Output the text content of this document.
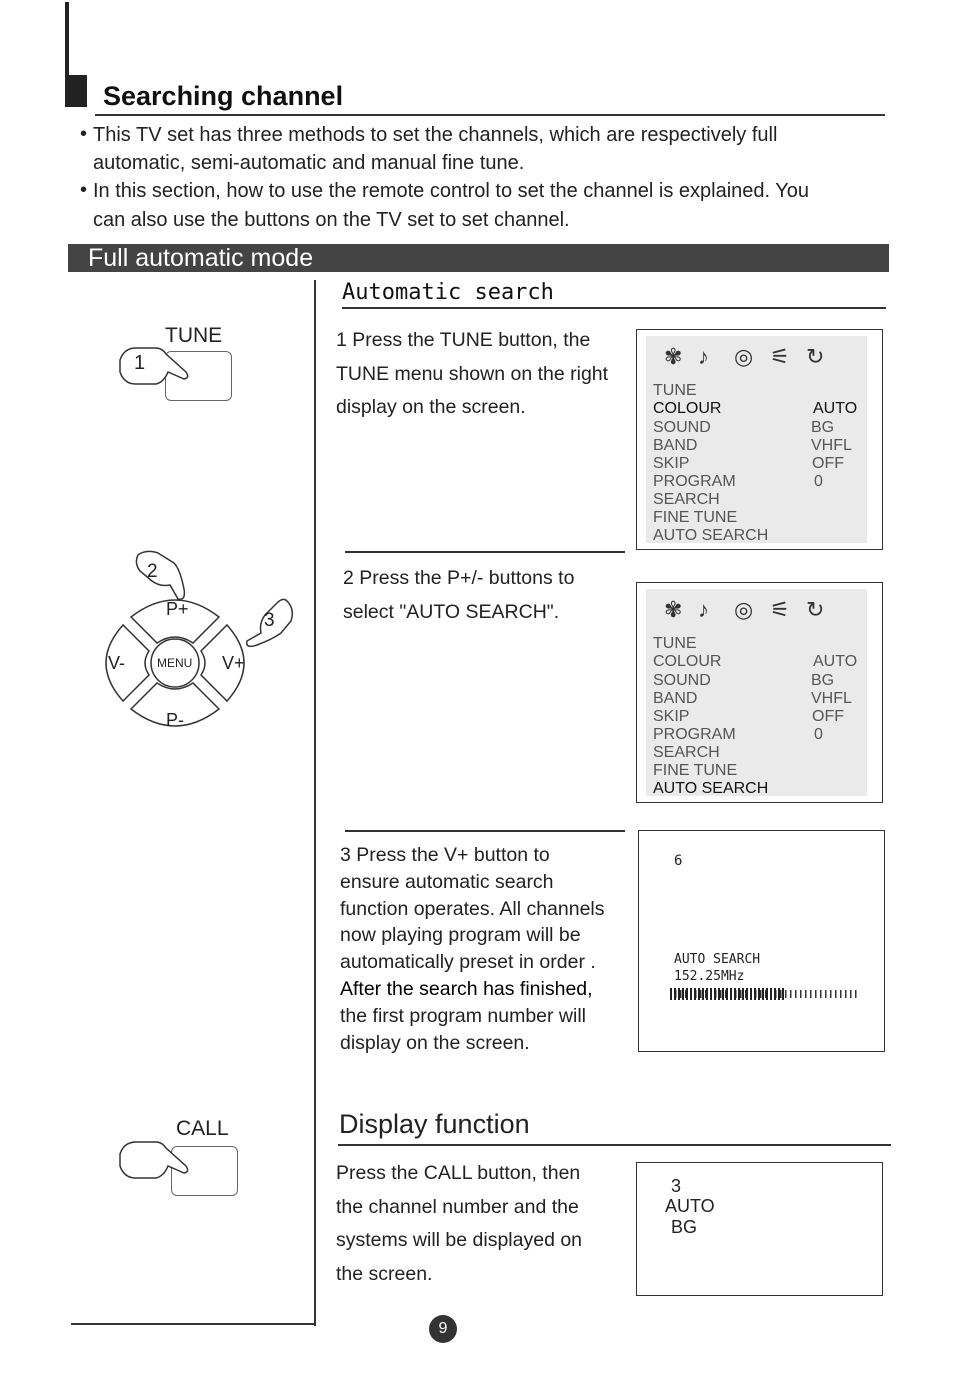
Searching channel
• This TV set has three methods to set the channels, which are respectively full
automatic, semi-automatic and manual fine tune.
• In this section, how to use the remote control to set the channel is explained. You
can also use the buttons on the TV set to set channel.
Full automatic mode
Automatic search
TUNE
1
1 Press the TUNE button, the
TUNE menu shown on the right
display on the screen.
✾ ♪ ◎ ⚟ ↻
TUNE
COLOUR
SOUND
BAND
SKIP
PROGRAM
SEARCH
FINE TUNE
AUTO SEARCH
AUTO
BG
VHFL
OFF
0
MENU
P+
P-
V-	V+
2
3
2 Press the P+/- buttons to
select "AUTO SEARCH".	✾ ♪ ◎ ⚟ ↻
TUNE
COLOUR
SOUND
BAND
SKIP
PROGRAM
SEARCH
FINE TUNE
AUTO SEARCH
AUTO
BG
VHFL
OFF
0
3 Press the V+ button to
ensure automatic search
function operates. All channels
now playing program will be
automatically preset in order .
After the search has finished,
the first program number will
display on the screen.
6
AUTO SEARCH
152.25MHz
Display function
CALL
Press the CALL button, then
the channel number and the
systems will be displayed on
the screen.
3
AUTO
BG
9
